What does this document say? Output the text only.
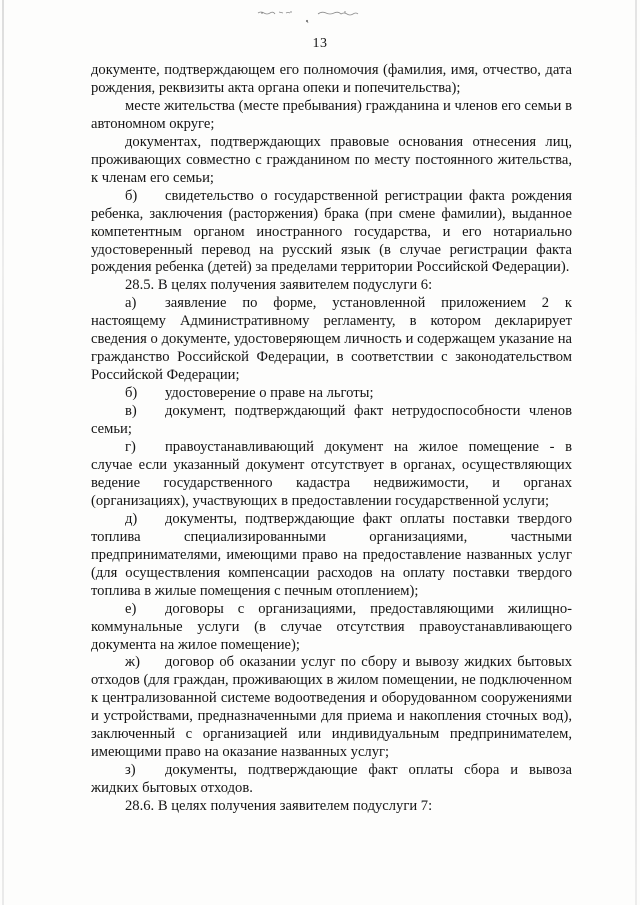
13

документе, подтверждающем его полномочия (фамилия, имя, отчество, дата рождения, реквизиты акта органа опеки и попечительства);

месте жительства (месте пребывания) гражданина и членов его семьи в автономном округе;

документах, подтверждающих правовые основания отнесения лиц, проживающих совместно с гражданином по месту постоянного жительства, к членам его семьи;

б) свидетельство о государственной регистрации факта рождения ребенка, заключения (расторжения) брака (при смене фамилии), выданное компетентным органом иностранного государства, и его нотариально удостоверенный перевод на русский язык (в случае регистрации факта рождения ребенка (детей) за пределами территории Российской Федерации).

28.5. В целях получения заявителем подуслуги 6:

а) заявление по форме, установленной приложением 2 к настоящему Административному регламенту, в котором декларирует сведения о документе, удостоверяющем личность и содержащем указание на гражданство Российской Федерации, в соответствии с законодательством Российской Федерации;

б) удостоверение о праве на льготы;

в) документ, подтверждающий факт нетрудоспособности членов семьи;

г) правоустанавливающий документ на жилое помещение - в случае если указанный документ отсутствует в органах, осуществляющих ведение государственного кадастра недвижимости, и органах (организациях), участвующих в предоставлении государственной услуги;

д) документы, подтверждающие факт оплаты поставки твердого топлива специализированными организациями, частными предпринимателями, имеющими право на предоставление названных услуг (для осуществления компенсации расходов на оплату поставки твердого топлива в жилые помещения с печным отоплением);

е) договоры с организациями, предоставляющими жилищно-коммунальные услуги (в случае отсутствия правоустанавливающего документа на жилое помещение);

ж) договор об оказании услуг по сбору и вывозу жидких бытовых отходов (для граждан, проживающих в жилом помещении, не подключенном к централизованной системе водоотведения и оборудованном сооружениями и устройствами, предназначенными для приема и накопления сточных вод), заключенный с организацией или индивидуальным предпринимателем, имеющими право на оказание названных услуг;

з) документы, подтверждающие факт оплаты сбора и вывоза жидких бытовых отходов.

28.6. В целях получения заявителем подуслуги 7:
